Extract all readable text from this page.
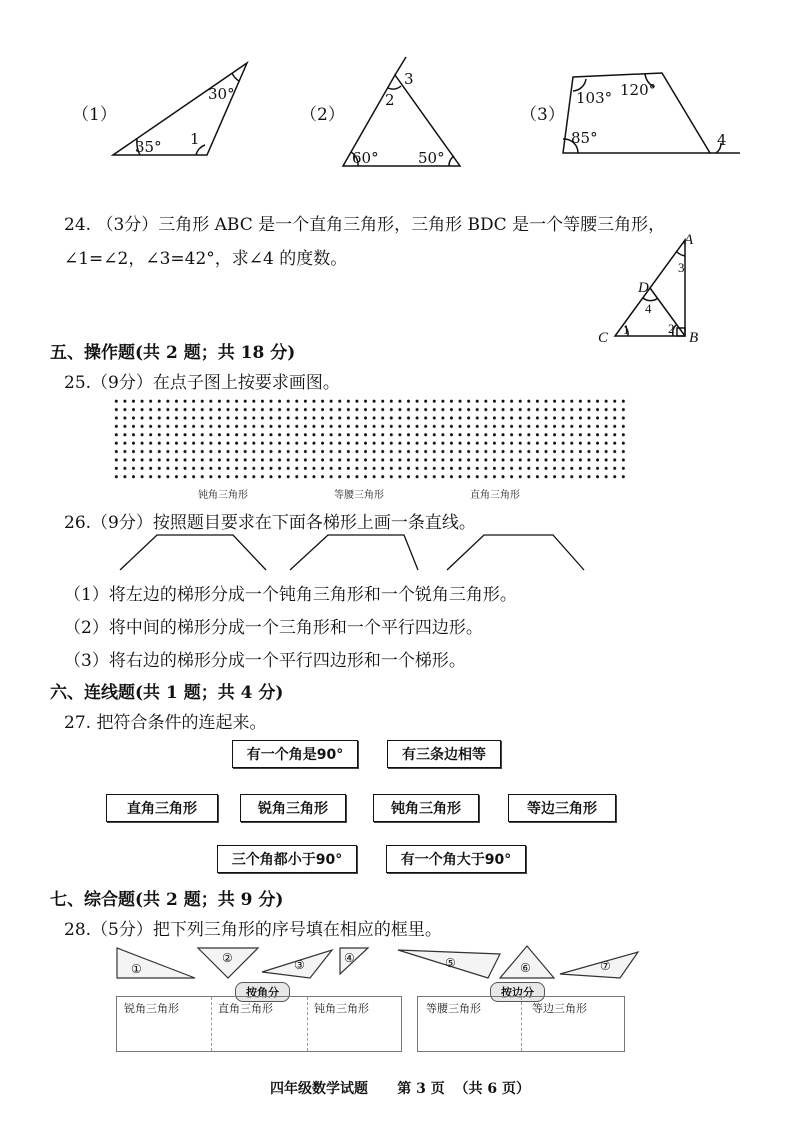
（1）	（2）	（3）
30°
35° 1
3
2
60°	50°
103° 120°
85°	4
24. （3分）三角形 ABC 是一个直角三角形，三角形 BDC 是一个等腰三角形，
∠1=∠2，∠3=42°，求∠4 的度数。
A
B
C
D
1	2
3
4
五、操作题(共 2 题；共 18 分)
25.（9分）在点子图上按要求画图。
钝角三角形	等腰三角形	直角三角形
26.（9分）按照题目要求在下面各梯形上画一条直线。
（1）将左边的梯形分成一个钝角三角形和一个锐角三角形。
（2）将中间的梯形分成一个三角形和一个平行四边形。
（3）将右边的梯形分成一个平行四边形和一个梯形。
六、连线题(共 1 题；共 4 分)
27. 把符合条件的连起来。
有一个角是90°	有三条边相等
直角三角形	锐角三角形	钝角三角形	等边三角形
三个角都小于90°	有一个角大于90°
七、综合题(共 2 题；共 9 分)
28.（5分）把下列三角形的序号填在相应的框里。
①
②	③	④	⑤	⑥	⑦
按角分	按边分
锐角三角形	直角三角形	钝角三角形	等腰三角形	等边三角形
四年级数学试题      第 3 页  （共 6 页）
